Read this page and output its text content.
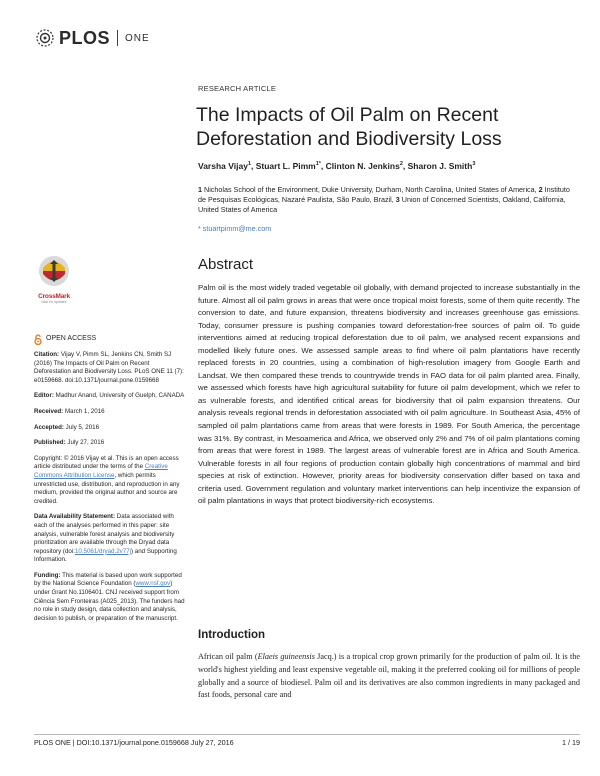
PLOS ONE
RESEARCH ARTICLE
The Impacts of Oil Palm on Recent Deforestation and Biodiversity Loss
Varsha Vijay$^1$, Stuart L. Pimm$^{1*}$, Clinton N. Jenkins$^2$, Sharon J. Smith$^3$
1 Nicholas School of the Environment, Duke University, Durham, North Carolina, United States of America, 2 Instituto de Pesquisas Ecológicas, Nazaré Paulista, São Paulo, Brazil, 3 Union of Concerned Scientists, Oakland, California, United States of America
* stuartpimm@me.com
CrossMark
click for updates
OPEN ACCESS

Citation: Vijay V, Pimm SL, Jenkins CN, Smith SJ (2016) The Impacts of Oil Palm on Recent Deforestation and Biodiversity Loss. PLoS ONE 11 (7): e0159668. doi:10.1371/journal.pone.0159668

Editor: Madhur Anand, University of Guelph, CANADA

Received: March 1, 2016

Accepted: July 5, 2016

Published: July 27, 2016

Copyright: © 2016 Vijay et al. This is an open access article distributed under the terms of the Creative Commons Attribution License, which permits unrestricted use, distribution, and reproduction in any medium, provided the original author and source are credited.

Data Availability Statement: Data associated with each of the analyses performed in this paper: site analysis, vulnerable forest analysis and biodiversity prioritization are available through the Dryad data repository (doi:10.5061/dryad.2v77j) and Supporting Information.

Funding: This material is based upon work supported by the National Science Foundation (www.nsf.gov) under Grant No.1106401. CNJ received support from Ciência Sem Fronteiras (A025_2013). The funders had no role in study design, data collection and analysis, decision to publish, or preparation of the manuscript.

Abstract
Palm oil is the most widely traded vegetable oil globally, with demand projected to increase substantially in the future. Almost all oil palm grows in areas that were once tropical moist forests, some of them quite recently. The conversion to date, and future expansion, threatens biodiversity and increases greenhouse gas emissions. Today, consumer pressure is pushing companies toward deforestation-free sources of palm oil. To guide interventions aimed at reducing tropical deforestation due to oil palm, we analysed recent expansions and modelled likely future ones. We assessed sample areas to find where oil palm plantations have recently replaced forests in 20 countries, using a combination of high-resolution imagery from Google Earth and Landsat. We then compared these trends to countrywide trends in FAO data for oil palm planted area. Finally, we assessed which forests have high agricultural suitability for future oil palm development, which we refer to as vulnerable forests, and identified critical areas for biodiversity that oil palm expansion threatens. Our analysis reveals regional trends in deforestation associated with oil palm agriculture. In Southeast Asia, 45% of sampled oil palm plantations came from areas that were forests in 1989. For South America, the percentage was 31%. By contrast, in Mesoamerica and Africa, we observed only 2% and 7% of oil palm plantations coming from areas that were forest in 1989. The largest areas of vulnerable forest are in Africa and South America. Vulnerable forests in all four regions of production contain globally high concentrations of mammal and bird species at risk of extinction. However, priority areas for biodiversity conservation differ based on taxa and criteria used. Government regulation and voluntary market interventions can help incentivize the expansion of oil palm plantations in ways that protect biodiversity-rich ecosystems.
Introduction
African oil palm (Elaeis guineensis Jacq.) is a tropical crop grown primarily for the production of palm oil. It is the world's highest yielding and least expensive vegetable oil, making it the preferred cooking oil for millions of people globally and a source of biodiesel. Palm oil and its derivatives are also common ingredients in many packaged and fast foods, personal care and
PLOS ONE | DOI:10.1371/journal.pone.0159668 July 27, 2016	1 / 19
